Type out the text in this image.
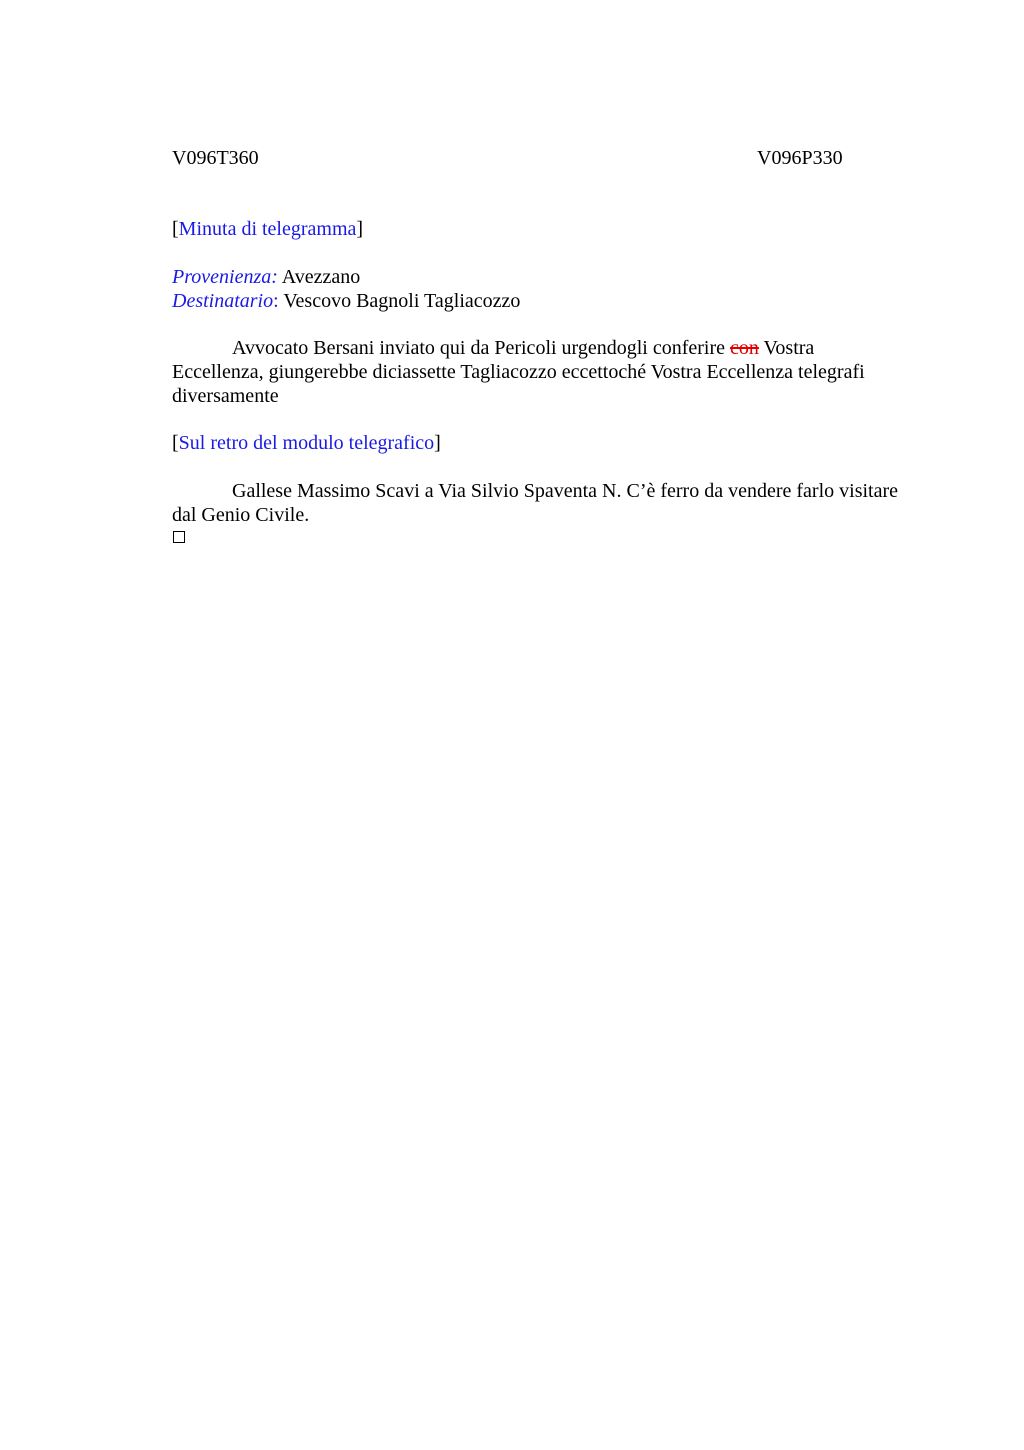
V096T360	V096P330
[Minuta di telegramma]
Provenienza: Avezzano
Destinatario: Vescovo Bagnoli Tagliacozzo
Avvocato Bersani inviato qui da Pericoli urgendogli conferire con Vostra
Eccellenza, giungerebbe diciassette Tagliacozzo eccettoché Vostra Eccellenza telegrafi
diversamente
[Sul retro del modulo telegrafico]
Gallese Massimo Scavi a Via Silvio Spaventa N. C’è ferro da vendere farlo visitare
dal Genio Civile.
